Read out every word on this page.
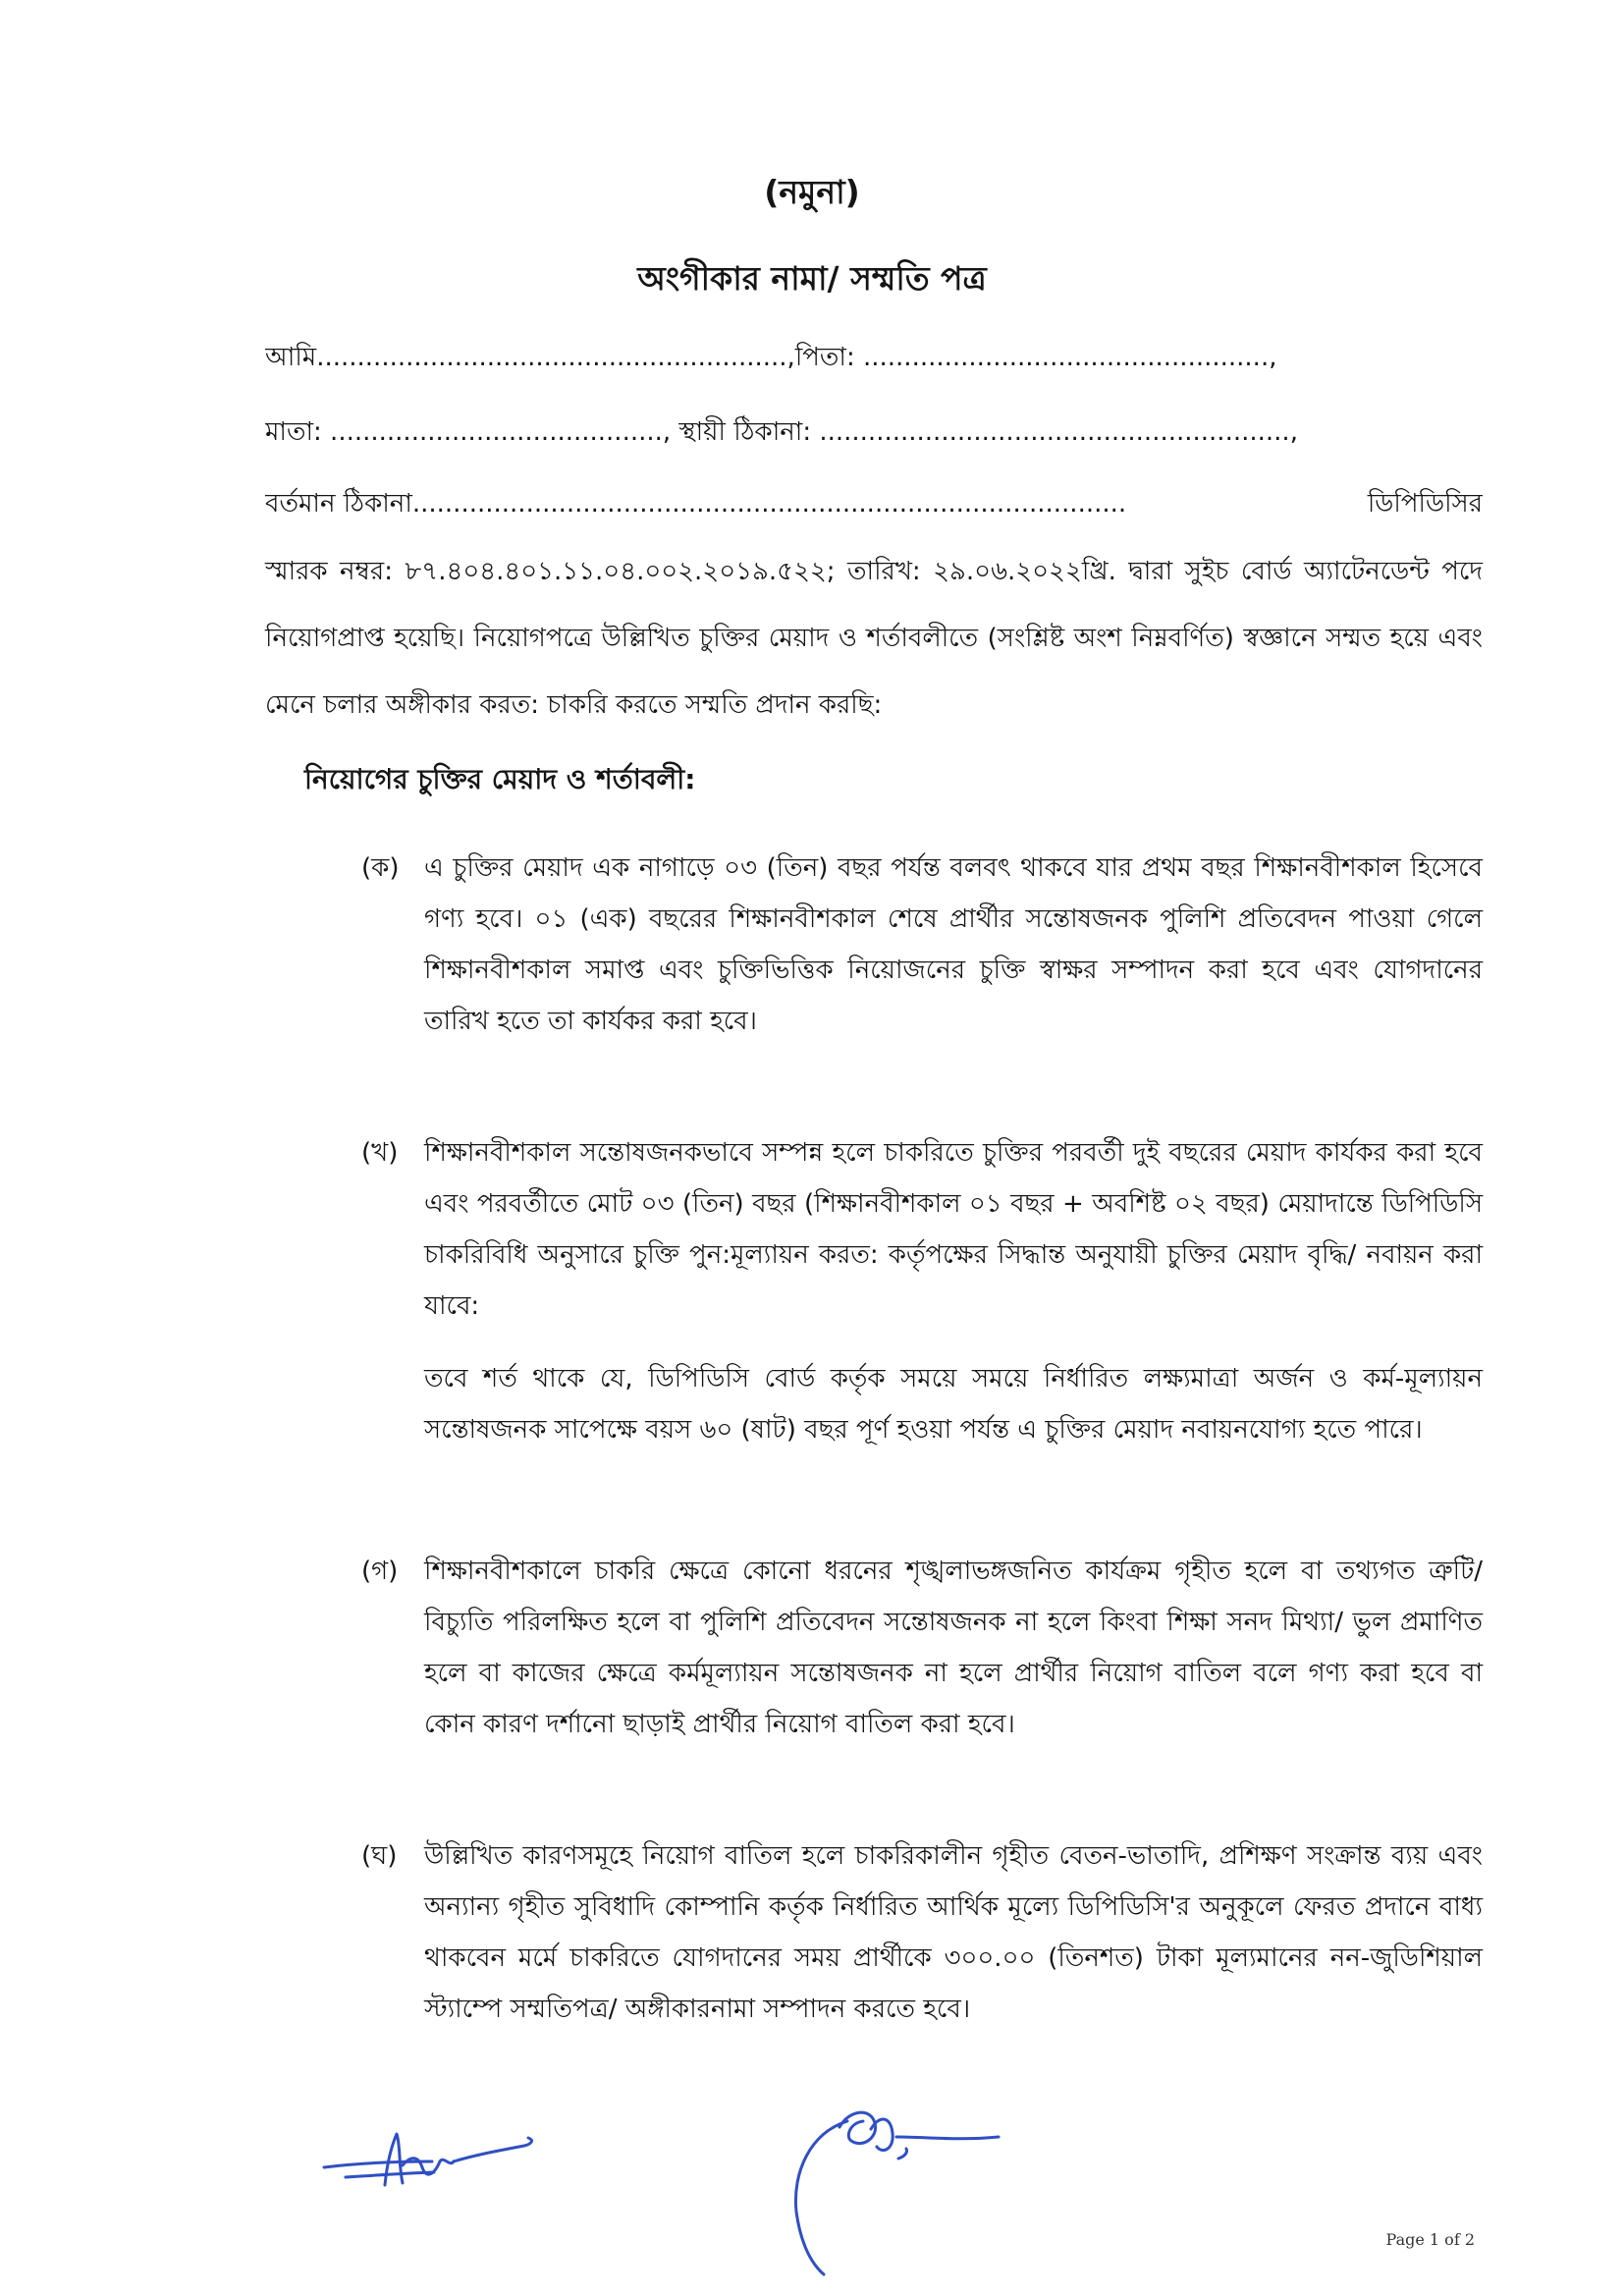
(নমুনা)
অংগীকার নামা/ সম্মতি পত্র
আমি..........................................................,পিতা: ..................................................,
মাতা: ........................................., স্থায়ী ঠিকানা: ..........................................................,
বর্তমান ঠিকানা........................................................................................	ডিপিডিসির

স্মারক নম্বর: ৮৭.৪০৪.৪০১.১১.০৪.০০২.২০১৯.৫২২; তারিখ: ২৯.০৬.২০২২খ্রি. দ্বারা সুইচ বোর্ড অ্যাটেনডেন্ট পদে নিয়োগপ্রাপ্ত হয়েছি। নিয়োগপত্রে উল্লিখিত চুক্তির মেয়াদ ও শর্তাবলীতে (সংশ্লিষ্ট অংশ নিম্নবর্ণিত) স্বজ্ঞানে সম্মত হয়ে এবং মেনে চলার অঙ্গীকার করত: চাকরি করতে সম্মতি প্রদান করছি:

নিয়োগের চুক্তির মেয়াদ ও শর্তাবলী:
(ক) এ চুক্তির মেয়াদ এক নাগাড়ে ০৩ (তিন) বছর পর্যন্ত বলবৎ থাকবে যার প্রথম বছর শিক্ষানবীশকাল হিসেবে গণ্য হবে। ০১ (এক) বছরের শিক্ষানবীশকাল শেষে প্রার্থীর সন্তোষজনক পুলিশি প্রতিবেদন পাওয়া গেলে শিক্ষানবীশকাল সমাপ্ত এবং চুক্তিভিত্তিক নিয়োজনের চুক্তি স্বাক্ষর সম্পাদন করা হবে এবং যোগদানের তারিখ হতে তা কার্যকর করা হবে।

(খ)	শিক্ষানবীশকাল সন্তোষজনকভাবে সম্পন্ন হলে চাকরিতে চুক্তির পরবর্তী দুই বছরের মেয়াদ কার্যকর করা হবে এবং পরবর্তীতে মোট ০৩ (তিন) বছর (শিক্ষানবীশকাল ০১ বছর + অবশিষ্ট ০২ বছর) মেয়াদান্তে ডিপিডিসি চাকরিবিধি অনুসারে চুক্তি পুন:মূল্যায়ন করত: কর্তৃপক্ষের সিদ্ধান্ত অনুযায়ী চুক্তির মেয়াদ বৃদ্ধি/ নবায়ন করা যাবে:

তবে শর্ত থাকে যে, ডিপিডিসি বোর্ড কর্তৃক সময়ে সময়ে নির্ধারিত লক্ষ্যমাত্রা অর্জন ও কর্ম-মূল্যায়ন সন্তোষজনক সাপেক্ষে বয়স ৬০ (ষাট) বছর পূর্ণ হওয়া পর্যন্ত এ চুক্তির মেয়াদ নবায়নযোগ্য হতে পারে।

(গ)	শিক্ষানবীশকালে চাকরি ক্ষেত্রে কোনো ধরনের শৃঙ্খলাভঙ্গজনিত কার্যক্রম গৃহীত হলে বা তথ্যগত ত্রুটি/ বিচ্যুতি পরিলক্ষিত হলে বা পুলিশি প্রতিবেদন সন্তোষজনক না হলে কিংবা শিক্ষা সনদ মিথ্যা/ ভুল প্রমাণিত হলে বা কাজের ক্ষেত্রে কর্মমূল্যায়ন সন্তোষজনক না হলে প্রার্থীর নিয়োগ বাতিল বলে গণ্য করা হবে বা কোন কারণ দর্শানো ছাড়াই প্রার্থীর নিয়োগ বাতিল করা হবে।

(ঘ)	উল্লিখিত কারণসমূহে নিয়োগ বাতিল হলে চাকরিকালীন গৃহীত বেতন-ভাতাদি, প্রশিক্ষণ সংক্রান্ত ব্যয় এবং অন্যান্য গৃহীত সুবিধাদি কোম্পানি কর্তৃক নির্ধারিত আর্থিক মূল্যে ডিপিডিসি'র অনুকূলে ফেরত প্রদানে বাধ্য থাকবেন মর্মে চাকরিতে যোগদানের সময় প্রার্থীকে ৩০০.০০ (তিনশত) টাকা মূল্যমানের নন-জুডিশিয়াল স্ট্যাম্পে সম্মতিপত্র/ অঙ্গীকারনামা সম্পাদন করতে হবে।

Page 1 of 2
